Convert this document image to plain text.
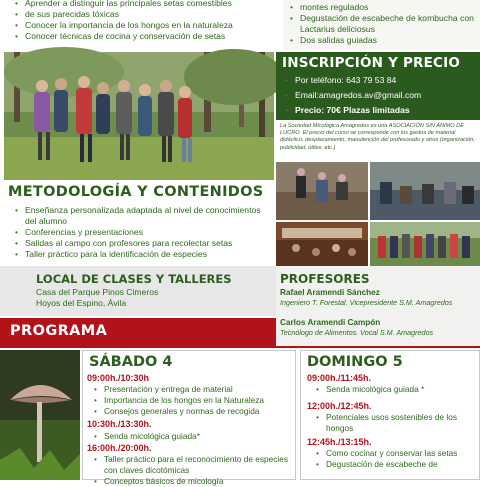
• Aprender a distinguir las principales setas comestibles
• de sus parecidas tóxicas
• Conocer la importancia de los hongos en la naturaleza
• Conocer técnicas de cocina y conservación de setas
• montes regulados
• Degustación de escabeche de kombucha con Lactarius deliciosus
• Dos salidas guiadas
INSCRIPCIÓN Y PRECIO
• Por teléfono: 643 79 53 84
• Email:amagredos.av@gmail.com
• Precio: 70€ Plazas limitadas
La Sociedad Micológica Amagredos es una ASOCIACIÓN SIN ÁNIMO DE LUCRO. El precio del curso se corresponde con los gastos de material didáctico, desplazamiento, manutención del profesorado y otros (organización, publicidad, útiles, etc.)
METODOLOGÍA Y CONTENIDOS
• Enseñanza personalizada adaptada al nivel de conocimientos del alumno
• Conferencias y presentaciones
• Salidas al campo con profesores para recolectar setas
• Taller práctico para la identificación de especies
LOCAL DE CLASES Y TALLERES
Casa del Parque Pinos Cimeros
Hoyos del Espino, Ávila
PROFESORES
Rafael Aramendi Sánchez
Ingeniero T. Forestal. Vicepresidente S.M. Amagredos
Carlos Aramendi Campón
Tecnólogo de Alimentos. Vocal S.M. Amagredos
PROGRAMA
SÁBADO 4
09:00h./10:30h
• Presentación y entrega de material
• Importancia de los hongos en la Naturaleza
• Consejos generales y normas de recogida
10:30h./13:30h.
• Senda micológica guiada*
16:00h./20:00h.
• Taller práctico para el reconocimiento de especies con claves dicotómicas
• Conceptos básicos de micología
DOMINGO 5
09:00h./11:45h.
• Senda micológica guiada *
12:00h./12:45h.
• Potenciales usos sostenibles de los hongos
12:45h./13:15h.
• Como cocinar y conservar las setas
• Degustación de escabeche de
